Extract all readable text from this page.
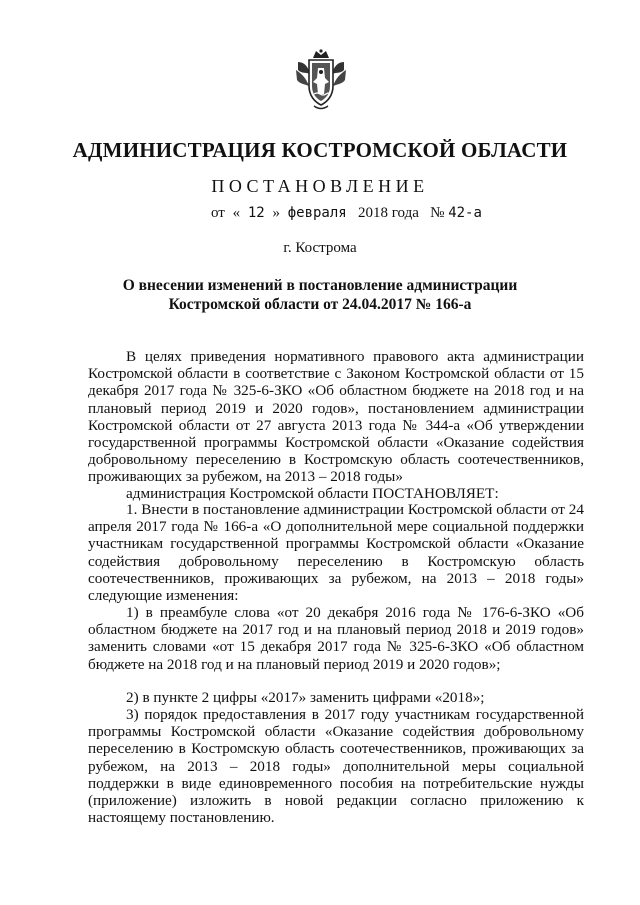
АДМИНИСТРАЦИЯ КОСТРОМСКОЙ ОБЛАСТИ
ПОСТАНОВЛЕНИЕ
от « 12 » февраля 2018 года № 42-а
г. Кострома
О внесении изменений в постановление администрации
Костромской области от 24.04.2017 № 166-а
В целях приведения нормативного правового акта администрации Костромской области в соответствие с Законом Костромской области от 15 декабря 2017 года № 325-6-ЗКО «Об областном бюджете на 2018 год и на плановый период 2019 и 2020 годов», постановлением администрации Костромской области от 27 августа 2013 года № 344-а «Об утверждении государственной программы Костромской области «Оказание содействия добровольному переселению в Костромскую область соотечественников, проживающих за рубежом, на 2013 – 2018 годы»
администрация Костромской области ПОСТАНОВЛЯЕТ:
1. Внести в постановление администрации Костромской области от 24 апреля 2017 года № 166-а «О дополнительной мере социальной поддержки участникам государственной программы Костромской области «Оказание содействия добровольному переселению в Костромскую область соотечественников, проживающих за рубежом, на 2013 – 2018 годы» следующие изменения:
1) в преамбуле слова «от 20 декабря 2016 года № 176-6-ЗКО «Об областном бюджете на 2017 год и на плановый период 2018 и 2019 годов» заменить словами «от 15 декабря 2017 года № 325-6-ЗКО «Об областном бюджете на 2018 год и на плановый период 2019 и 2020 годов»;
2) в пункте 2 цифры «2017» заменить цифрами «2018»;
3) порядок предоставления в 2017 году участникам государственной программы Костромской области «Оказание содействия добровольному переселению в Костромскую область соотечественников, проживающих за рубежом, на 2013 – 2018 годы» дополнительной меры социальной поддержки в виде единовременного пособия на потребительские нужды (приложение) изложить в новой редакции согласно приложению к настоящему постановлению.
